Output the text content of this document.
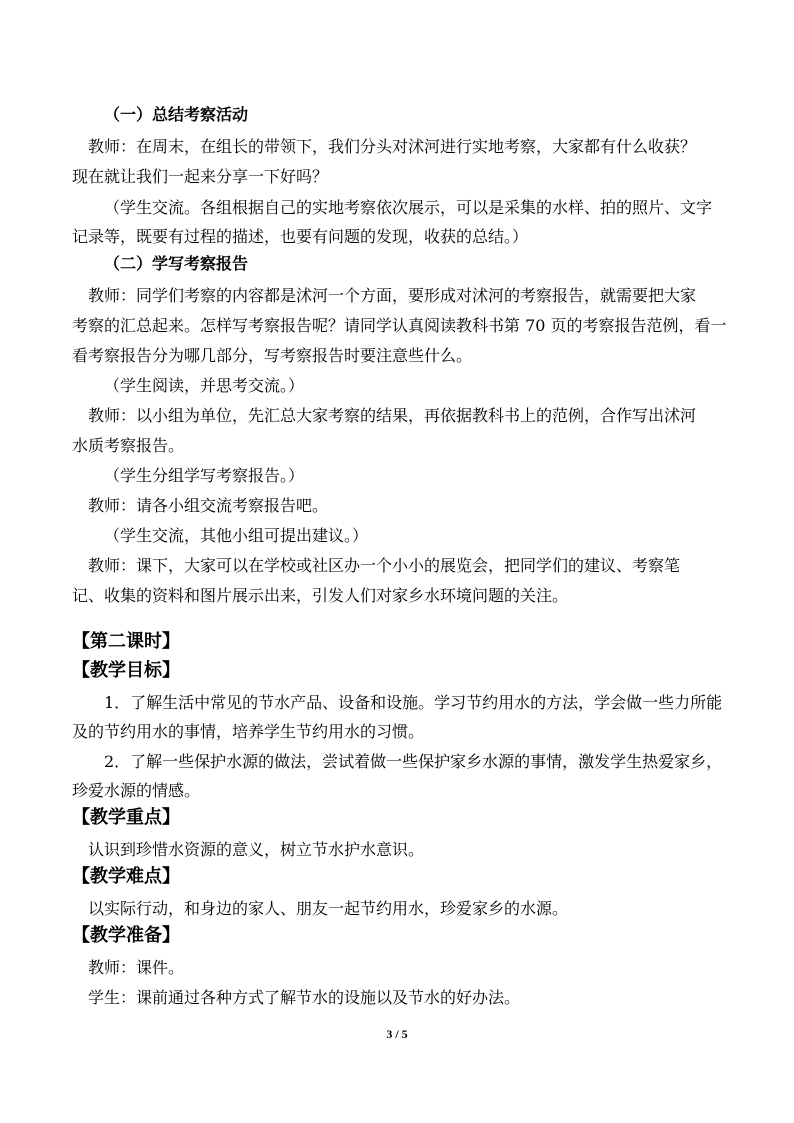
（一）总结考察活动
教师：在周末，在组长的带领下，我们分头对沭河进行实地考察，大家都有什么收获？
现在就让我们一起来分享一下好吗？
（学生交流。各组根据自己的实地考察依次展示，可以是采集的水样、拍的照片、文字
记录等，既要有过程的描述，也要有问题的发现，收获的总结。）
（二）学写考察报告
教师：同学们考察的内容都是沭河一个方面，要形成对沭河的考察报告，就需要把大家
考察的汇总起来。怎样写考察报告呢？请同学认真阅读教科书第 70 页的考察报告范例，看一
看考察报告分为哪几部分，写考察报告时要注意些什么。
（学生阅读，并思考交流。）
教师：以小组为单位，先汇总大家考察的结果，再依据教科书上的范例，合作写出沭河
水质考察报告。
（学生分组学写考察报告。）
教师：请各小组交流考察报告吧。
（学生交流，其他小组可提出建议。）
教师：课下，大家可以在学校或社区办一个小小的展览会，把同学们的建议、考察笔
记、收集的资料和图片展示出来，引发人们对家乡水环境问题的关注。
【第二课时】
【教学目标】
1．了解生活中常见的节水产品、设备和设施。学习节约用水的方法，学会做一些力所能
及的节约用水的事情，培养学生节约用水的习惯。
2．了解一些保护水源的做法，尝试着做一些保护家乡水源的事情，激发学生热爱家乡，
珍爱水源的情感。
【教学重点】
认识到珍惜水资源的意义，树立节水护水意识。
【教学难点】
以实际行动，和身边的家人、朋友一起节约用水，珍爱家乡的水源。
【教学准备】
教师：课件。
学生：课前通过各种方式了解节水的设施以及节水的好办法。
3 / 5
